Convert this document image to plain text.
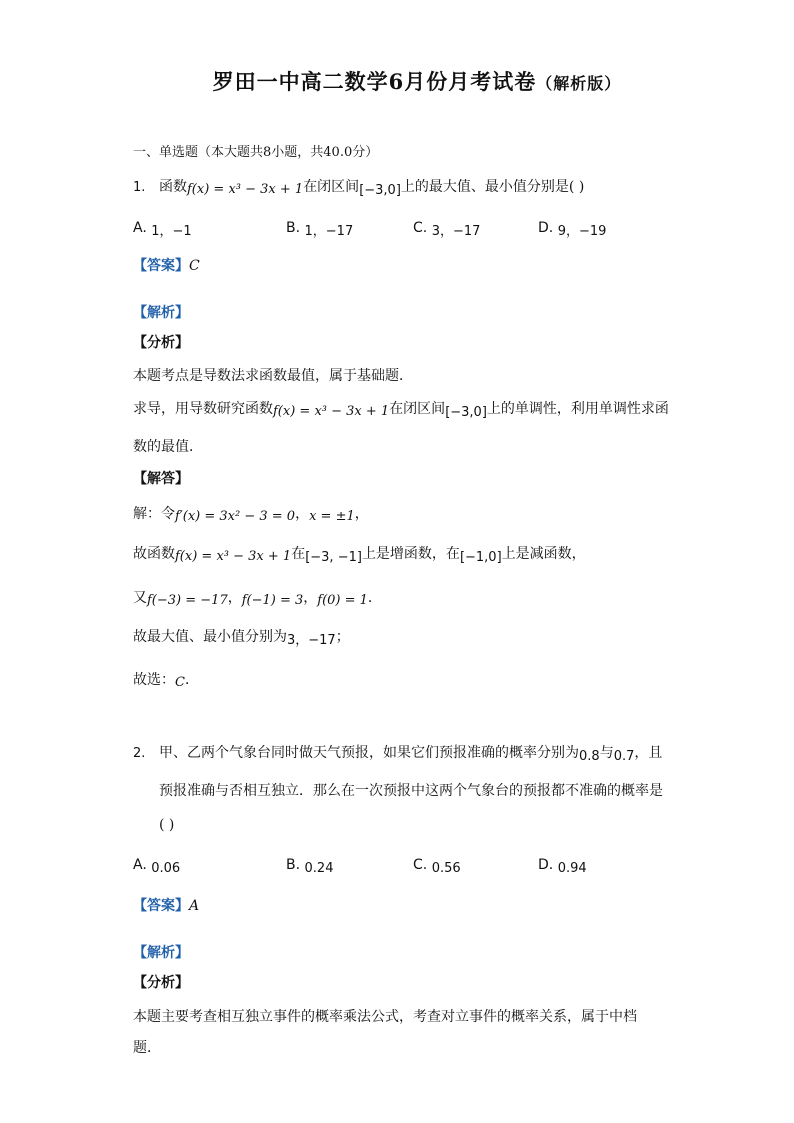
罗田一中高二数学6月份月考试卷（解析版）
一、单选题（本大题共8小题，共40.0分）
1. 函数f(x) = x³ − 3x + 1在闭区间[−3,0]上的最大值、最小值分别是( )
A. 1，−1	B. 1，−17	C. 3，−17	D. 9，−19
【答案】C
【解析】
【分析】
本题考点是导数法求函数最值，属于基础题．
求导，用导数研究函数f(x) = x³ − 3x + 1在闭区间[−3,0]上的单调性，利用单调性求函
数的最值．
【解答】
解：令f′(x) = 3x² − 3 = 0，x = ±1，
故函数f(x) = x³ − 3x + 1在[−3, −1]上是增函数，在[−1,0]上是减函数，
又f(−3) = −17，f(−1) = 3，f(0) = 1．
故最大值、最小值分别为3，−17；
故选：C．
2. 甲、乙两个气象台同时做天气预报，如果它们预报准确的概率分别为0.8与0.7，且
预报准确与否相互独立．那么在一次预报中这两个气象台的预报都不准确的概率是
( )
A. 0.06	B. 0.24	C. 0.56	D. 0.94
【答案】A
【解析】
【分析】
本题主要考查相互独立事件的概率乘法公式，考查对立事件的概率关系，属于中档
题．
